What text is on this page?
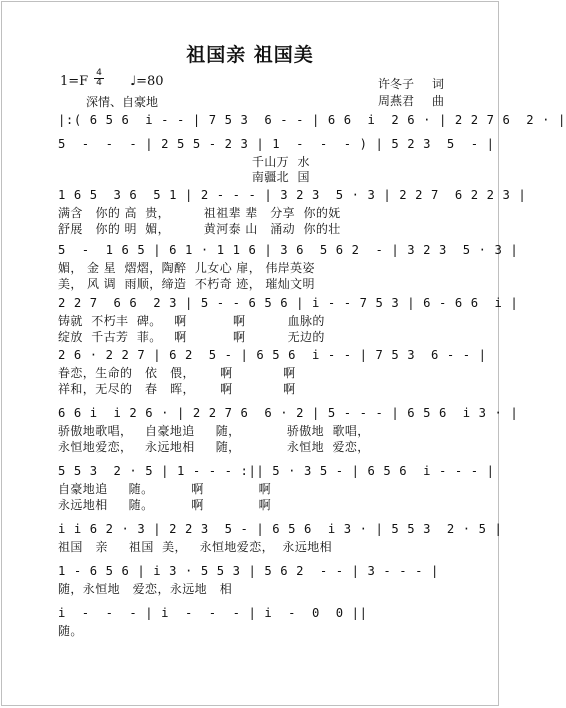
祖国亲 祖国美
1=F
4
4 ♩=80
深情、自豪地
许冬子 词
周燕君 曲
|:( 6 5 6  i - - | 7 5 3  6 - - | 6 6  i  2 6 · | 2 2 7 6  2 · |
5  -  -  - | 2 5 5 - 2 3 | 1  -  -  - ) | 5 2 3  5  - |
千山万  水
南疆北  国
1 6 5  3 6  5 1 | 2 - - - | 3 2 3  5 · 3 | 2 2 7  6 2 2 3 |
满含   你的 高  贵，        祖祖辈 辈   分享  你的妩
舒展   你的 明  媚，        黄河泰 山   涌动  你的壮
5  -  1 6 5 | 6 1 · 1 1 6 | 3 6  5 6 2  - | 3 2 3  5 · 3 |
媚， 金 星  熠熠，陶醉  儿女心 扉， 伟岸英姿
美， 风 调  雨顺，缔造  不朽奇 迹， 璀灿文明
2 2 7  6 6  2 3 | 5 - - 6 5 6 | i - - 7 5 3 | 6 - 6 6  i |
铸就  不朽丰  碑。   啊           啊          血脉的
绽放  千古芳  菲。   啊           啊          无边的
2 6 · 2 2 7 | 6 2  5 - | 6 5 6  i - - | 7 5 3  6 - - |
眷恋，生命的   依   偎，      啊            啊
祥和，无尽的   春   晖，      啊            啊
6 6 i  i 2 6 · | 2 2 7 6  6 · 2 | 5 - - - | 6 5 6  i 3 · |
骄傲地歌唱，   自豪地追     随，           骄傲地  歌唱，
永恒地爱恋，   永远地相     随，           永恒地  爱恋，
5 5 3  2 · 5 | 1 - - - :|| 5 · 3 5 - | 6 5 6  i - - - |
自豪地追     随。         啊             啊
永远地相     随。         啊             啊
i i 6 2 · 3 | 2 2 3  5 - | 6 5 6  i 3 · | 5 5 3  2 · 5 |
祖国   亲     祖国  美，   永恒地爱恋，  永远地相
1 - 6 5 6 | i 3 · 5 5 3 | 5 6 2  - - | 3 - - - |
随，永恒地   爱恋，永远地   相
i  -  -  - | i  -  -  - | i  -  0  0 ||
随。
